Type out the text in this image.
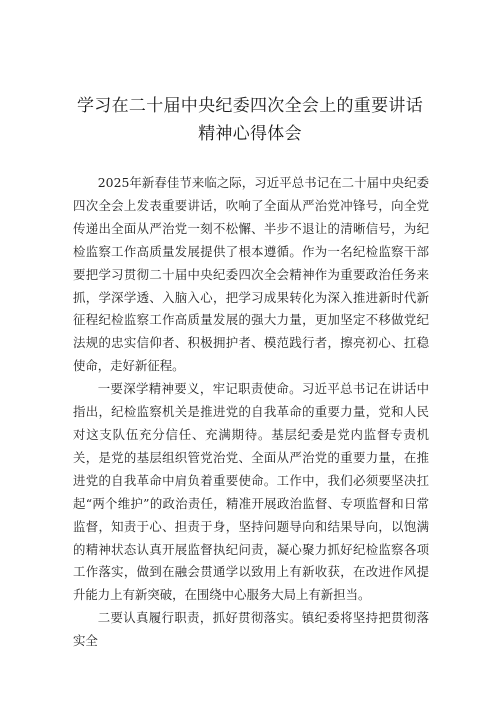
学习在二十届中央纪委四次全会上的重要讲话精神心得体会

2025年新春佳节来临之际，习近平总书记在二十届中央纪委四次全会上发表重要讲话，吹响了全面从严治党冲锋号，向全党传递出全面从严治党一刻不松懈、半步不退让的清晰信号，为纪检监察工作高质量发展提供了根本遵循。作为一名纪检监察干部要把学习贯彻二十届中央纪委四次全会精神作为重要政治任务来抓，学深学透、入脑入心，把学习成果转化为深入推进新时代新征程纪检监察工作高质量发展的强大力量，更加坚定不移做党纪法规的忠实信仰者、积极拥护者、模范践行者，擦亮初心、扛稳使命，走好新征程。

一要深学精神要义，牢记职责使命。习近平总书记在讲话中指出，纪检监察机关是推进党的自我革命的重要力量，党和人民对这支队伍充分信任、充满期待。基层纪委是党内监督专责机关，是党的基层组织管党治党、全面从严治党的重要力量，在推进党的自我革命中肩负着重要使命。工作中，我们必须要坚决扛起“两个维护”的政治责任，精准开展政治监督、专项监督和日常监督，知责于心、担责于身，坚持问题导向和结果导向，以饱满的精神状态认真开展监督执纪问责，凝心聚力抓好纪检监察各项工作落实，做到在融会贯通学以致用上有新收获，在改进作风提升能力上有新突破，在围绕中心服务大局上有新担当。

二要认真履行职责，抓好贯彻落实。镇纪委将坚持把贯彻落实全
